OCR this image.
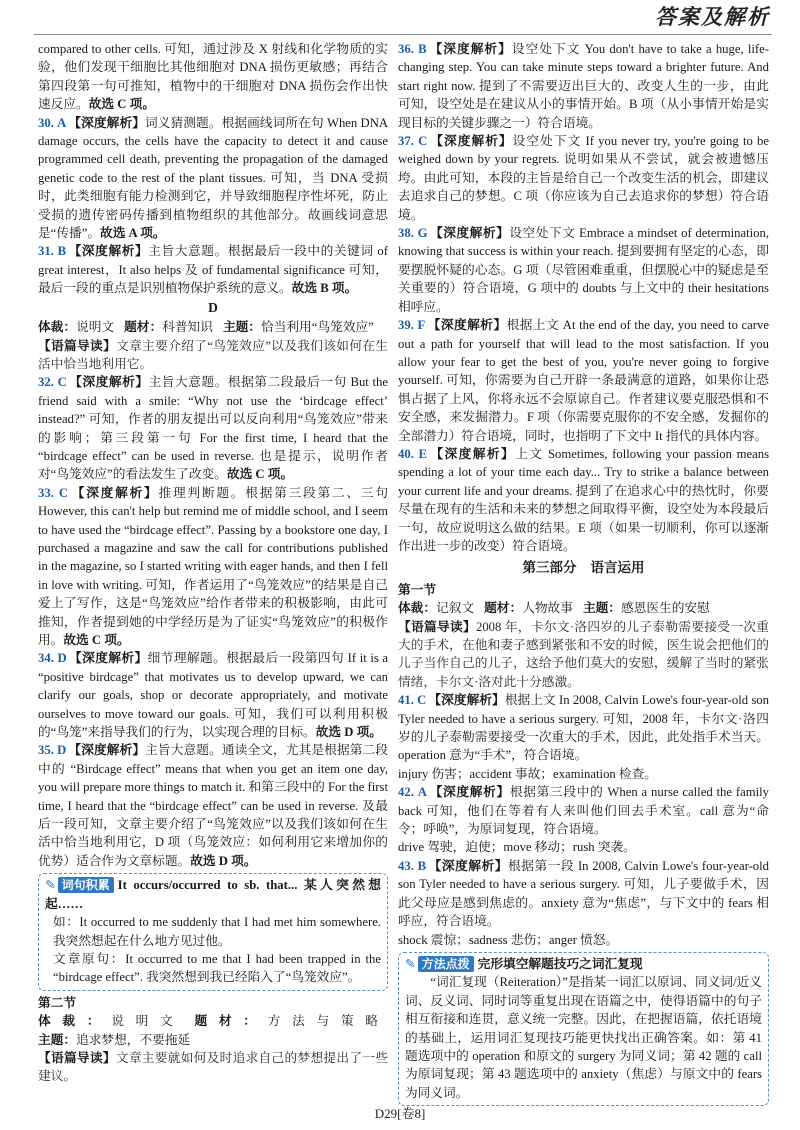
答案及解析

compared to other cells. 可知，通过涉及 X 射线和化学物质的实验，他们发现干细胞比其他细胞对 DNA 损伤更敏感；再结合第四段第一句可推知，植物中的干细胞对 DNA 损伤会作出快速反应。故选 C 项。

30. A 【深度解析】词义猜测题。根据画线词所在句 When DNA damage occurs, the cells have the capacity to detect it and cause programmed cell death, preventing the propagation of the damaged genetic code to the rest of the plant tissues. 可知，当 DNA 受损时，此类细胞有能力检测到它，并导致细胞程序性坏死，防止受损的遗传密码传播到植物组织的其他部分。故画线词意思是“传播”。故选 A 项。

31. B 【深度解析】主旨大意题。根据最后一段中的关键词 of great interest，It also helps 及 of fundamental significance 可知，最后一段的重点是识别植物保护系统的意义。故选 B 项。

D

体裁：说明文 题材：科普知识 主题：恰当利用“鸟笼效应”

【语篇导读】文章主要介绍了“鸟笼效应”以及我们该如何在生活中恰当地利用它。

32. C 【深度解析】主旨大意题。根据第二段最后一句 But the friend said with a smile: “Why not use the ‘birdcage effect’ instead?” 可知，作者的朋友提出可以反向利用“鸟笼效应”带来的影响；第三段第一句 For the first time, I heard that the “birdcage effect” can be used in reverse. 也是提示，说明作者对“鸟笼效应”的看法发生了改变。故选 C 项。

33. C 【深度解析】推理判断题。根据第三段第二、三句 However, this can't help but remind me of middle school, and I seem to have used the “birdcage effect”. Passing by a bookstore one day, I purchased a magazine and saw the call for contributions published in the magazine, so I started writing with eager hands, and then I fell in love with writing. 可知，作者运用了“鸟笼效应”的结果是自己爱上了写作，这是“鸟笼效应”给作者带来的积极影响，由此可推知，作者提到她的中学经历是为了证实“鸟笼效应”的积极作用。故选 C 项。

34. D 【深度解析】细节理解题。根据最后一段第四句 If it is a “positive birdcage” that motivates us to develop upward, we can clarify our goals, shop or decorate appropriately, and motivate ourselves to move toward our goals. 可知，我们可以利用积极的“鸟笼”来指导我们的行为，以实现合理的目标。故选 D 项。

35. D 【深度解析】主旨大意题。通读全文，尤其是根据第二段中的 “Birdcage effect” means that when you get an item one day, you will prepare more things to match it. 和第三段中的 For the first time, I heard that the “birdcage effect” can be used in reverse. 及最后一段可知，文章主要介绍了“鸟笼效应”以及我们该如何在生活中恰当地利用它，D 项（鸟笼效应：如何利用它来增加你的优势）适合作为文章标题。故选 D 项。

✎ 词句积累 It occurs/occurred to sb. that... 某人突然想起……

如：It occurred to me suddenly that I had met him somewhere. 我突然想起在什么地方见过他。

文章原句：It occurred to me that I had been trapped in the “birdcage effect”. 我突然想到我已经陷入了“鸟笼效应”。

第二节

体裁：说明文 题材：方法与策略主题：追求梦想，不要拖延

【语篇导读】文章主要就如何及时追求自己的梦想提出了一些建议。

36. B 【深度解析】设空处下文 You don't have to take a huge, life-changing step. You can take minute steps toward a brighter future. And start right now. 提到了不需要迈出巨大的、改变人生的一步，由此可知，设空处是在建议从小的事情开始。B 项（从小事情开始是实现目标的关键步骤之一）符合语境。

37. C 【深度解析】设空处下文 If you never try, you're going to be weighed down by your regrets. 说明如果从不尝试，就会被遗憾压垮。由此可知，本段的主旨是给自己一个改变生活的机会，即建议去追求自己的梦想。C 项（你应该为自己去追求你的梦想）符合语境。

38. G 【深度解析】设空处下文 Embrace a mindset of determination, knowing that success is within your reach. 提到要拥有坚定的心态，即要摆脱怀疑的心态。G 项（尽管困难重重，但摆脱心中的疑虑是至关重要的）符合语境，G 项中的 doubts 与上文中的 their hesitations 相呼应。

39. F 【深度解析】根据上文 At the end of the day, you need to carve out a path for yourself that will lead to the most satisfaction. If you allow your fear to get the best of you, you're never going to forgive yourself. 可知，你需要为自己开辟一条最满意的道路，如果你让恐惧占据了上风，你将永远不会原谅自己。作者建议要克服恐惧和不安全感，来发掘潜力。F 项（你需要克服你的不安全感，发掘你的全部潜力）符合语境，同时，也指明了下文中 It 指代的具体内容。

40. E 【深度解析】上文 Sometimes, following your passion means spending a lot of your time each day... Try to strike a balance between your current life and your dreams. 提到了在追求心中的热忱时，你要尽量在现有的生活和未来的梦想之间取得平衡，设空处为本段最后一句，故应说明这么做的结果。E 项（如果一切顺利，你可以逐渐作出进一步的改变）符合语境。

第三部分 语言运用
第一节

体裁：记叙文 题材：人物故事 主题：感恩医生的安慰

【语篇导读】2008 年，卡尔文·洛四岁的儿子泰勒需要接受一次重大的手术，在他和妻子感到紧张和不安的时候，医生说会把他们的儿子当作自己的儿子，这给予他们莫大的安慰，缓解了当时的紧张情绪，卡尔文·洛对此十分感激。

41. C 【深度解析】根据上文 In 2008, Calvin Lowe's four-year-old son Tyler needed to have a serious surgery. 可知，2008 年，卡尔文·洛四岁的儿子泰勒需要接受一次重大的手术，因此，此处指手术当天。operation 意为“手术”，符合语境。

injury 伤害；accident 事故；examination 检查。

42. A 【深度解析】根据第三段中的 When a nurse called the family back 可知，他们在等着有人来叫他们回去手术室。call 意为“命令；呼唤”，为原词复现，符合语境。

drive 驾驶，迫使；move 移动；rush 突袭。

43. B 【深度解析】根据第一段 In 2008, Calvin Lowe's four-year-old son Tyler needed to have a serious surgery. 可知，儿子要做手术，因此父母应是感到焦虑的。anxiety 意为“焦虑”，与下文中的 fears 相呼应，符合语境。

shock 震惊；sadness 悲伤；anger 愤怒。

✎ 方法点拨 完形填空解题技巧之词汇复现

“词汇复现（Reiteration）”是指某一词汇以原词、同义词/近义词、反义词、同时词等重复出现在语篇之中，使得语篇中的句子相互衔接和连贯，意义统一完整。因此，在把握语篇，依托语境的基础上，运用词汇复现技巧能更快找出正确答案。如：第 41 题选项中的 operation 和原文的 surgery 为同义词；第 42 题的 call 为原词复现；第 43 题选项中的 anxiety（焦虑）与原文中的 fears 为同义词。

D29[卷8]
